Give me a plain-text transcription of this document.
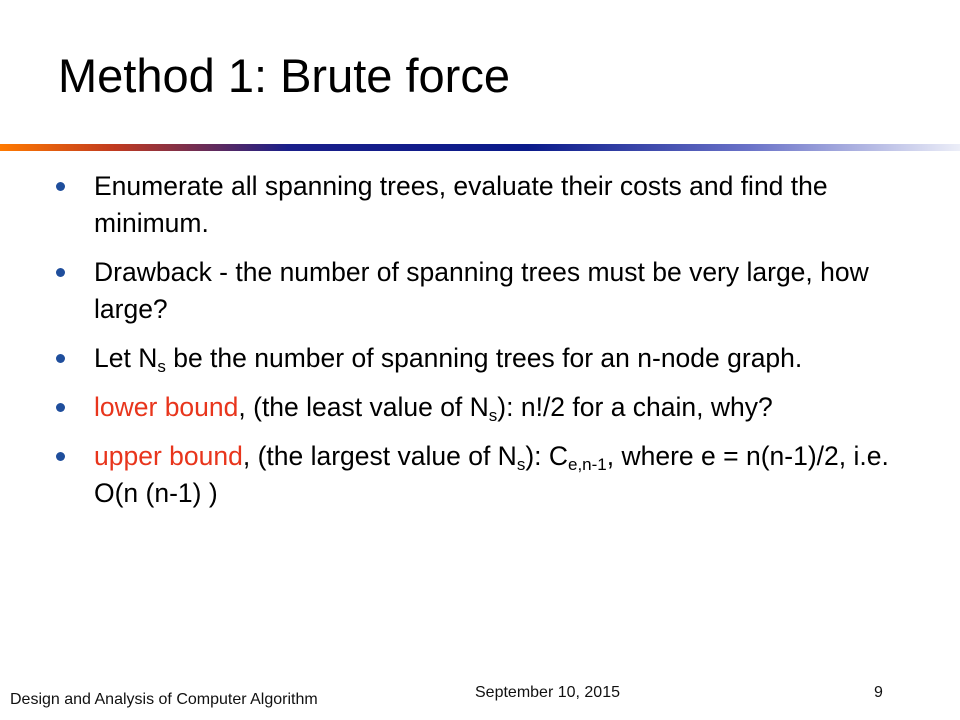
Method 1: Brute force
Enumerate all spanning trees, evaluate their costs and find the minimum.
Drawback - the number of spanning trees must be very large, how large?
Let $N_s$ be the number of spanning trees for an n-node graph.
lower bound, (the least value of $N_s$): n!/2 for a chain, why?
upper bound, (the largest value of $N_s$): $C_{e,n-1}$, where e = n(n-1)/2, i.e. O(n (n-1) )
Design and Analysis of Computer Algorithm	September 10, 2015	9
